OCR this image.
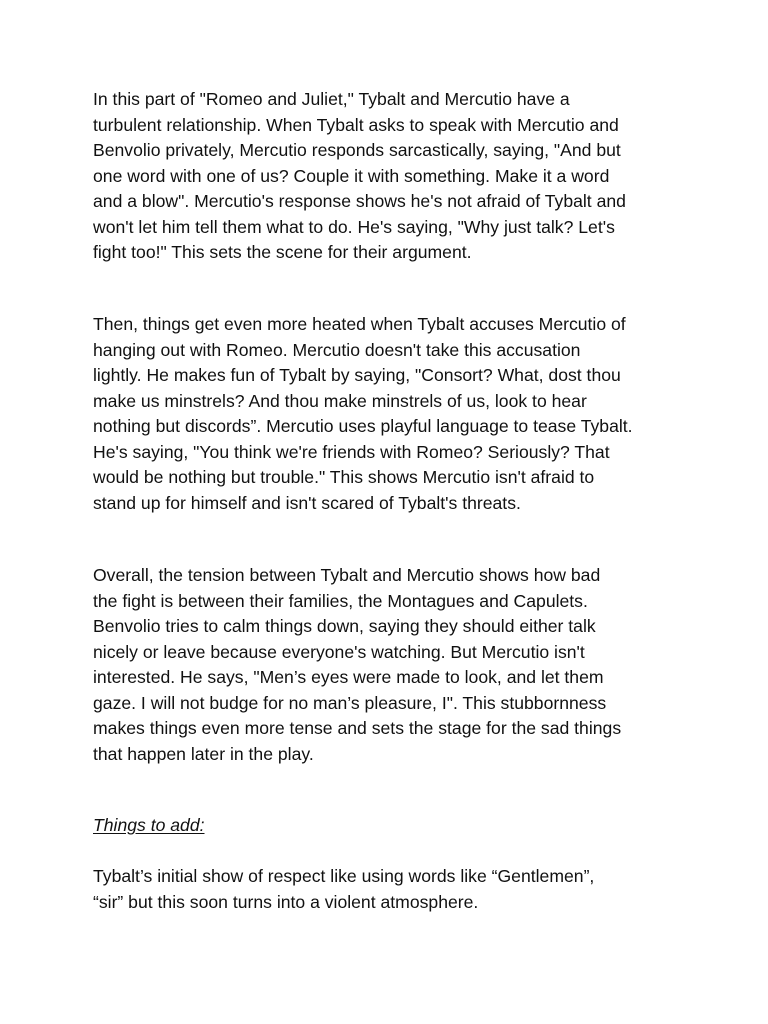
In this part of "Romeo and Juliet," Tybalt and Mercutio have a
turbulent relationship. When Tybalt asks to speak with Mercutio and
Benvolio privately, Mercutio responds sarcastically, saying, "And but
one word with one of us? Couple it with something. Make it a word
and a blow". Mercutio's response shows he's not afraid of Tybalt and
won't let him tell them what to do. He's saying, "Why just talk? Let's
fight too!" This sets the scene for their argument.
Then, things get even more heated when Tybalt accuses Mercutio of
hanging out with Romeo. Mercutio doesn't take this accusation
lightly. He makes fun of Tybalt by saying, "Consort? What, dost thou
make us minstrels? And thou make minstrels of us, look to hear
nothing but discords”. Mercutio uses playful language to tease Tybalt.
He's saying, "You think we're friends with Romeo? Seriously? That
would be nothing but trouble." This shows Mercutio isn't afraid to
stand up for himself and isn't scared of Tybalt's threats.
Overall, the tension between Tybalt and Mercutio shows how bad
the fight is between their families, the Montagues and Capulets.
Benvolio tries to calm things down, saying they should either talk
nicely or leave because everyone's watching. But Mercutio isn't
interested. He says, "Men’s eyes were made to look, and let them
gaze. I will not budge for no man’s pleasure, I". This stubbornness
makes things even more tense and sets the stage for the sad things
that happen later in the play.
Things to add:
Tybalt’s initial show of respect like using words like “Gentlemen”,
“sir” but this soon turns into a violent atmosphere.
